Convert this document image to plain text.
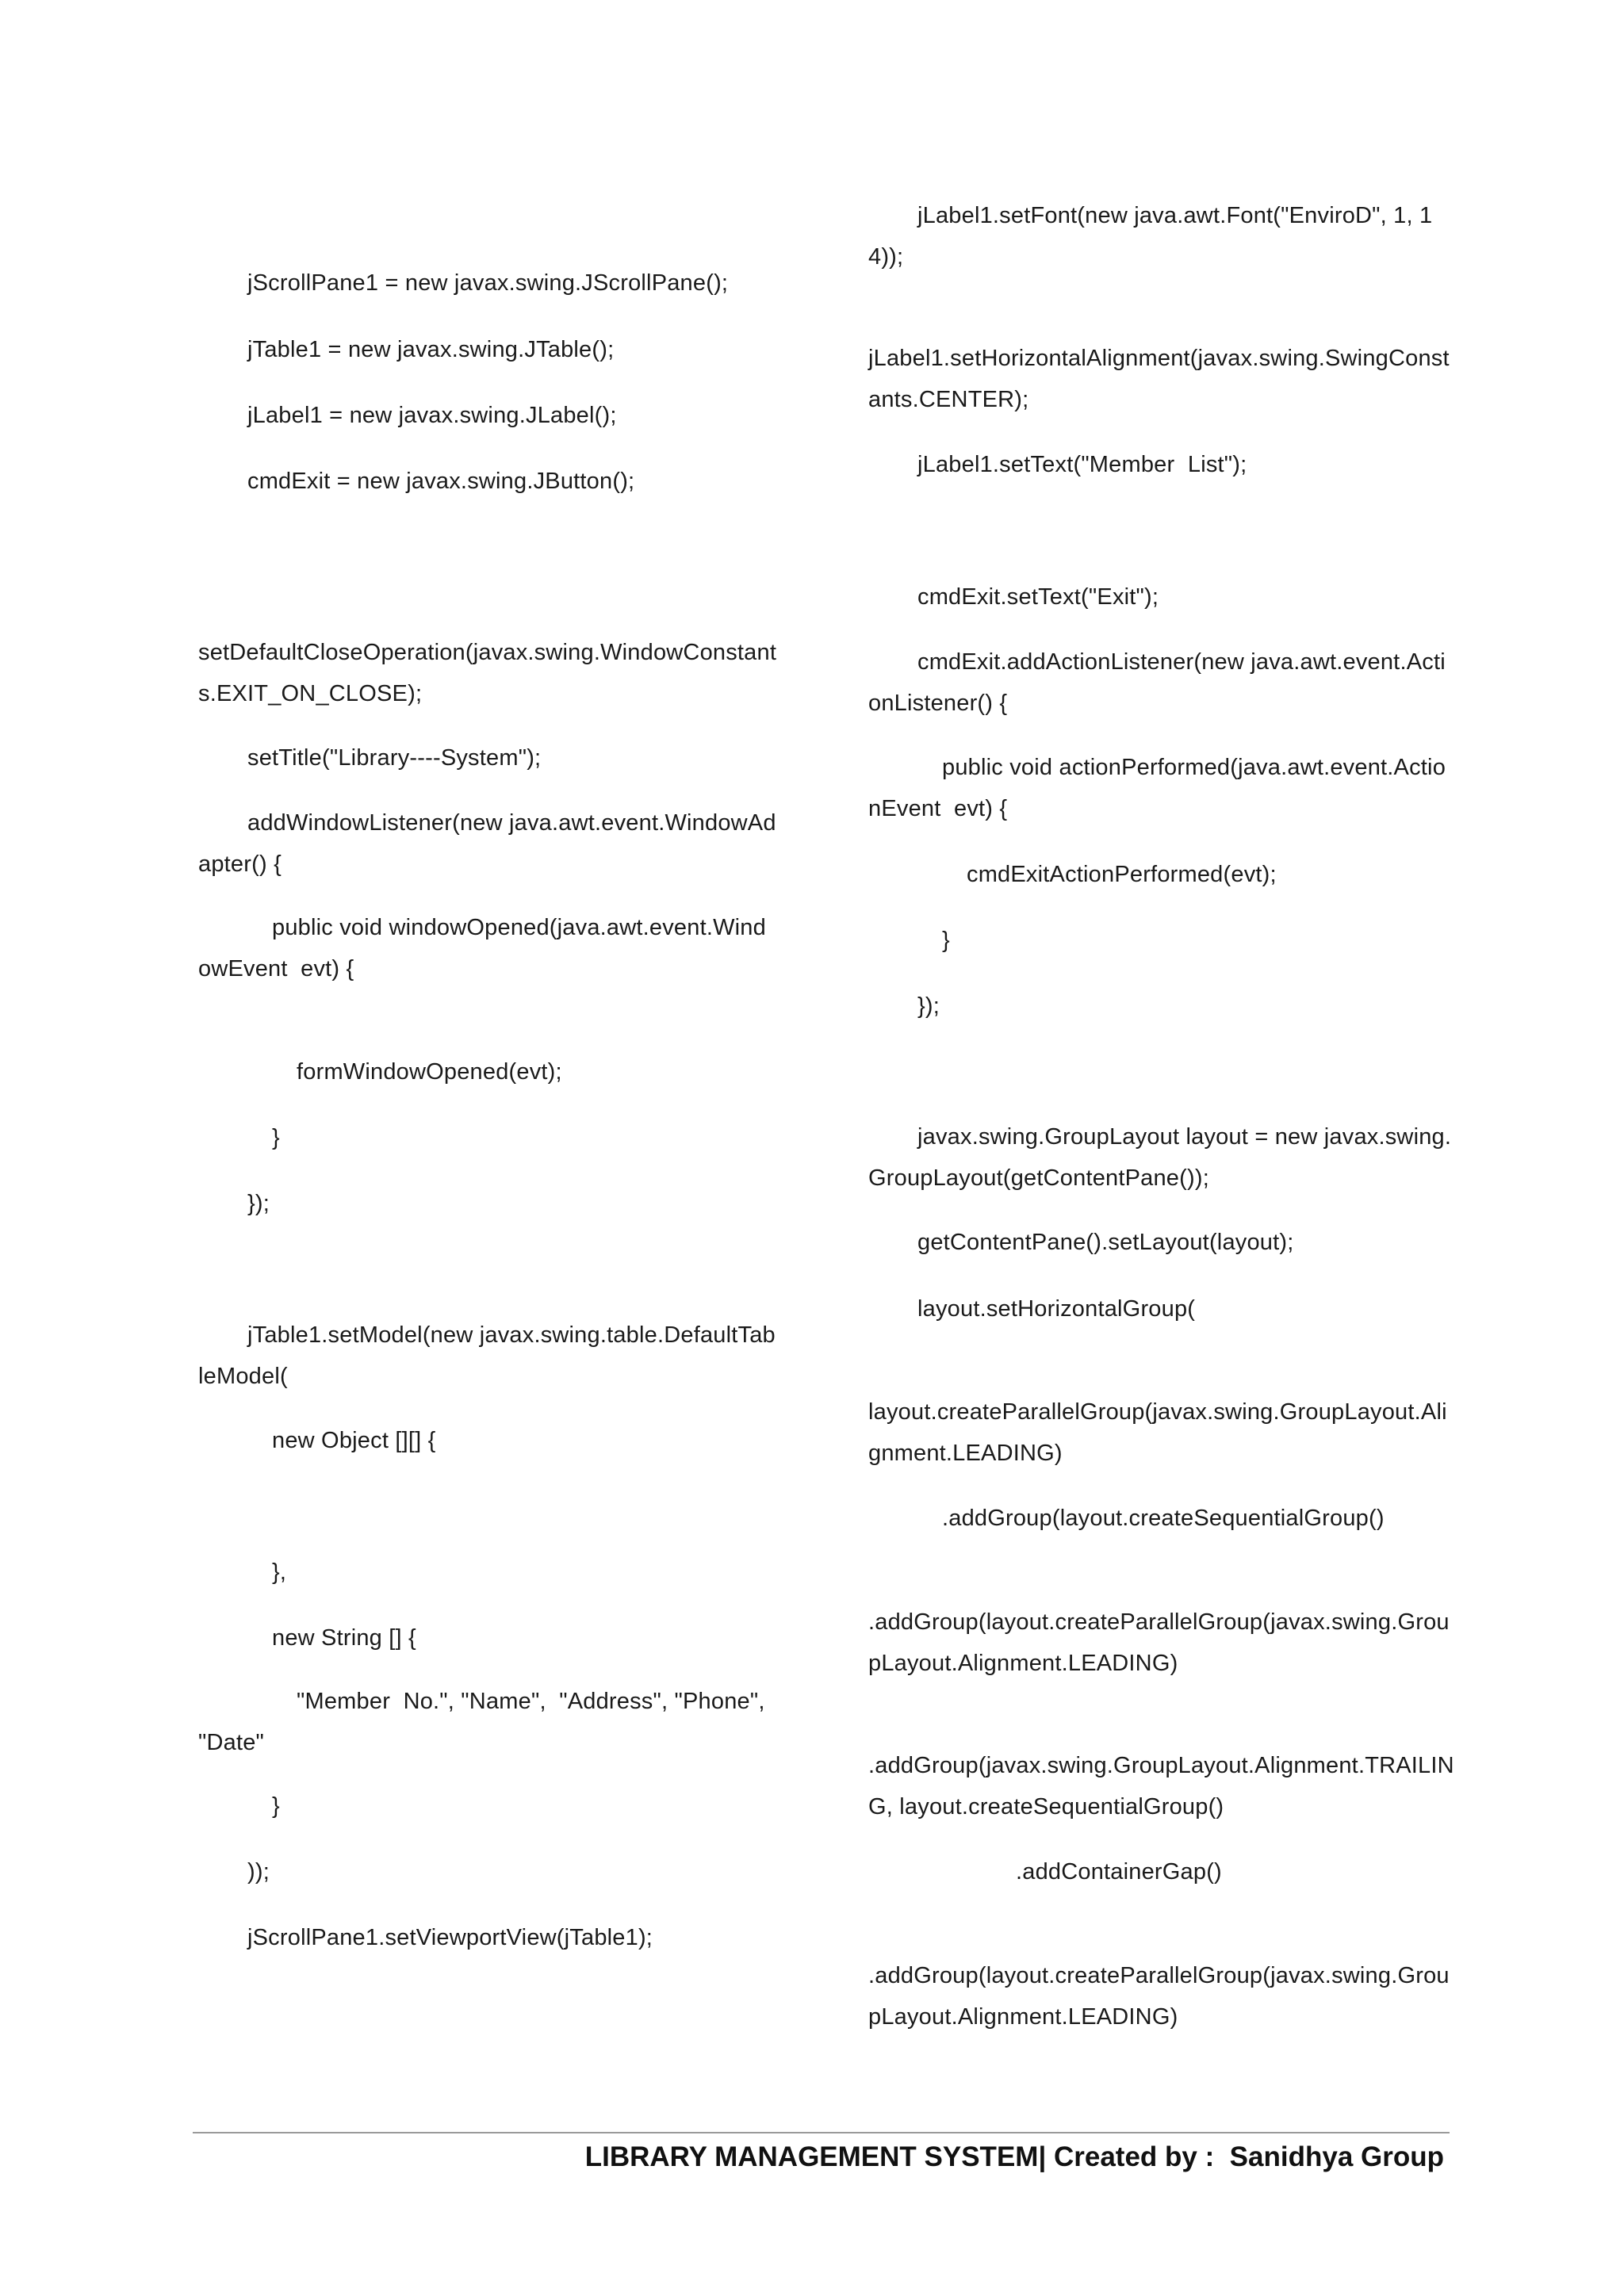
jScrollPane1 = new javax.swing.JScrollPane();
jTable1 = new javax.swing.JTable();
jLabel1 = new javax.swing.JLabel();
cmdExit = new javax.swing.JButton();
setDefaultCloseOperation(javax.swing.WindowConstants.EXIT_ON_CLOSE);
setTitle("Library----System");
addWindowListener(new java.awt.event.WindowAdapter() {
public void windowOpened(java.awt.event.WindowEvent  evt) {
formWindowOpened(evt);
}
});
jTable1.setModel(new javax.swing.table.DefaultTableModel(
new Object [][] {
},
new String [] {
"Member  No.", "Name",  "Address", "Phone",  "Date"
}
));
jScrollPane1.setViewportView(jTable1);
jLabel1.setFont(new java.awt.Font("EnviroD", 1, 14));
jLabel1.setHorizontalAlignment(javax.swing.SwingConstants.CENTER);
jLabel1.setText("Member  List");
cmdExit.setText("Exit");
cmdExit.addActionListener(new java.awt.event.ActionListener() {
public void actionPerformed(java.awt.event.ActionEvent  evt) {
cmdExitActionPerformed(evt);
}
});
javax.swing.GroupLayout layout = new javax.swing.GroupLayout(getContentPane());
getContentPane().setLayout(layout);
layout.setHorizontalGroup(
layout.createParallelGroup(javax.swing.GroupLayout.Alignment.LEADING)
.addGroup(layout.createSequentialGroup()
.addGroup(layout.createParallelGroup(javax.swing.GroupLayout.Alignment.LEADING)
.addGroup(javax.swing.GroupLayout.Alignment.TRAILING, layout.createSequentialGroup()
.addContainerGap()
.addGroup(layout.createParallelGroup(javax.swing.GroupLayout.Alignment.LEADING)
LIBRARY MANAGEMENT SYSTEM| Created by :  Sanidhya Group
